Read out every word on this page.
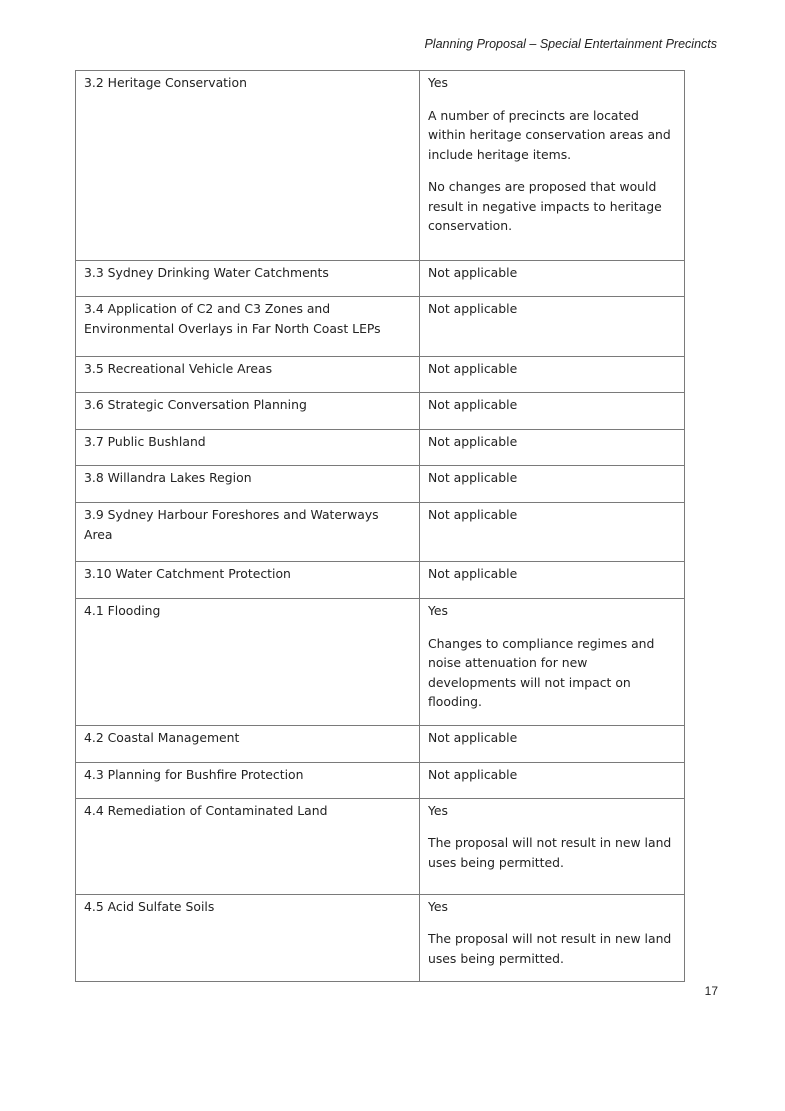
Planning Proposal – Special Entertainment Precincts
3.2 Heritage Conservation	Yes
A number of precincts are located within heritage conservation areas and include heritage items.
No changes are proposed that would result in negative impacts to heritage conservation.

3.3 Sydney Drinking Water Catchments	Not applicable

3.4 Application of C2 and C3 Zones and Environmental Overlays in Far North Coast LEPs	Not applicable

3.5 Recreational Vehicle Areas	Not applicable

3.6 Strategic Conversation Planning	Not applicable

3.7 Public Bushland	Not applicable

3.8 Willandra Lakes Region	Not applicable

3.9 Sydney Harbour Foreshores and Waterways Area	Not applicable

3.10 Water Catchment Protection	Not applicable

4.1 Flooding	Yes
Changes to compliance regimes and noise attenuation for new developments will not impact on flooding.

4.2 Coastal Management	Not applicable

4.3 Planning for Bushfire Protection	Not applicable

4.4 Remediation of Contaminated Land	Yes
The proposal will not result in new land uses being permitted.

4.5 Acid Sulfate Soils	Yes
The proposal will not result in new land uses being permitted.
17
